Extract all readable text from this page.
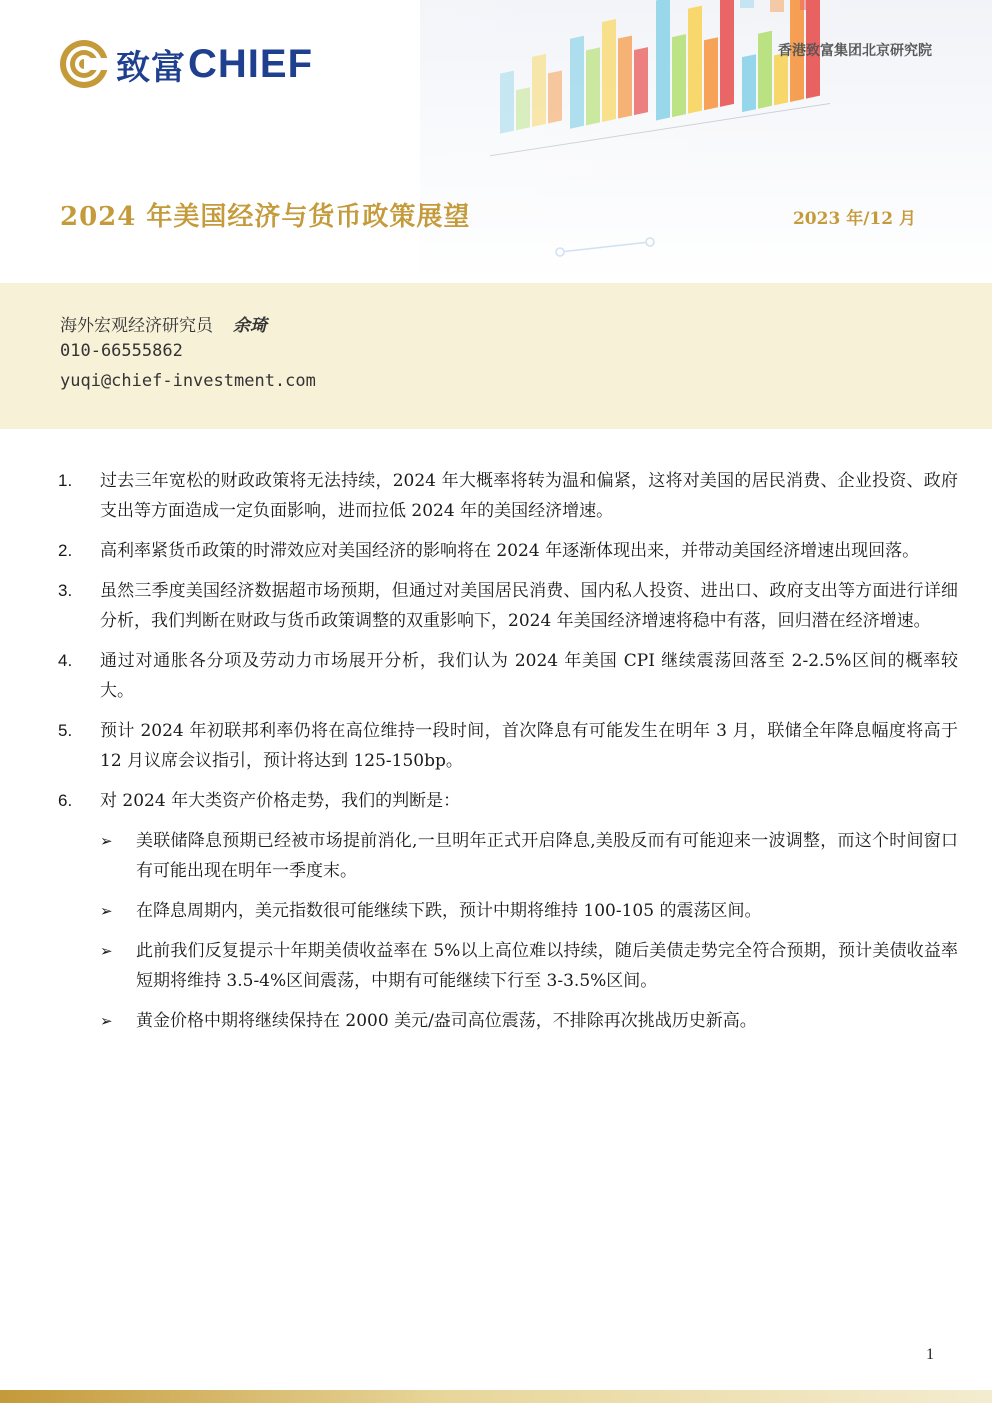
致富 CHIEF	香港致富集团北京研究院
2024 年美国经济与货币政策展望	2023 年/12 月
海外宏观经济研究员 余琦
010-66555862
yuqi@chief-investment.com
1. 过去三年宽松的财政政策将无法持续，2024 年大概率将转为温和偏紧，这将对美国的居民消费、企业投资、政府支出等方面造成一定负面影响，进而拉低 2024 年的美国经济增速。
2. 高利率紧货币政策的时滞效应对美国经济的影响将在 2024 年逐渐体现出来，并带动美国经济增速出现回落。
3. 虽然三季度美国经济数据超市场预期，但通过对美国居民消费、国内私人投资、进出口、政府支出等方面进行详细分析，我们判断在财政与货币政策调整的双重影响下，2024 年美国经济增速将稳中有落，回归潜在经济增速。
4. 通过对通胀各分项及劳动力市场展开分析，我们认为 2024 年美国 CPI 继续震荡回落至 2-2.5%区间的概率较大。
5. 预计 2024 年初联邦利率仍将在高位维持一段时间，首次降息有可能发生在明年 3 月，联储全年降息幅度将高于 12 月议席会议指引，预计将达到 125-150bp。
6. 对 2024 年大类资产价格走势，我们的判断是：
➢ 美联储降息预期已经被市场提前消化,一旦明年正式开启降息,美股反而有可能迎来一波调整，而这个时间窗口有可能出现在明年一季度末。
➢ 在降息周期内，美元指数很可能继续下跌，预计中期将维持 100-105 的震荡区间。
➢ 此前我们反复提示十年期美债收益率在 5%以上高位难以持续，随后美债走势完全符合预期，预计美债收益率短期将维持 3.5-4%区间震荡，中期有可能继续下行至 3-3.5%区间。
➢ 黄金价格中期将继续保持在 2000 美元/盎司高位震荡，不排除再次挑战历史新高。
1
